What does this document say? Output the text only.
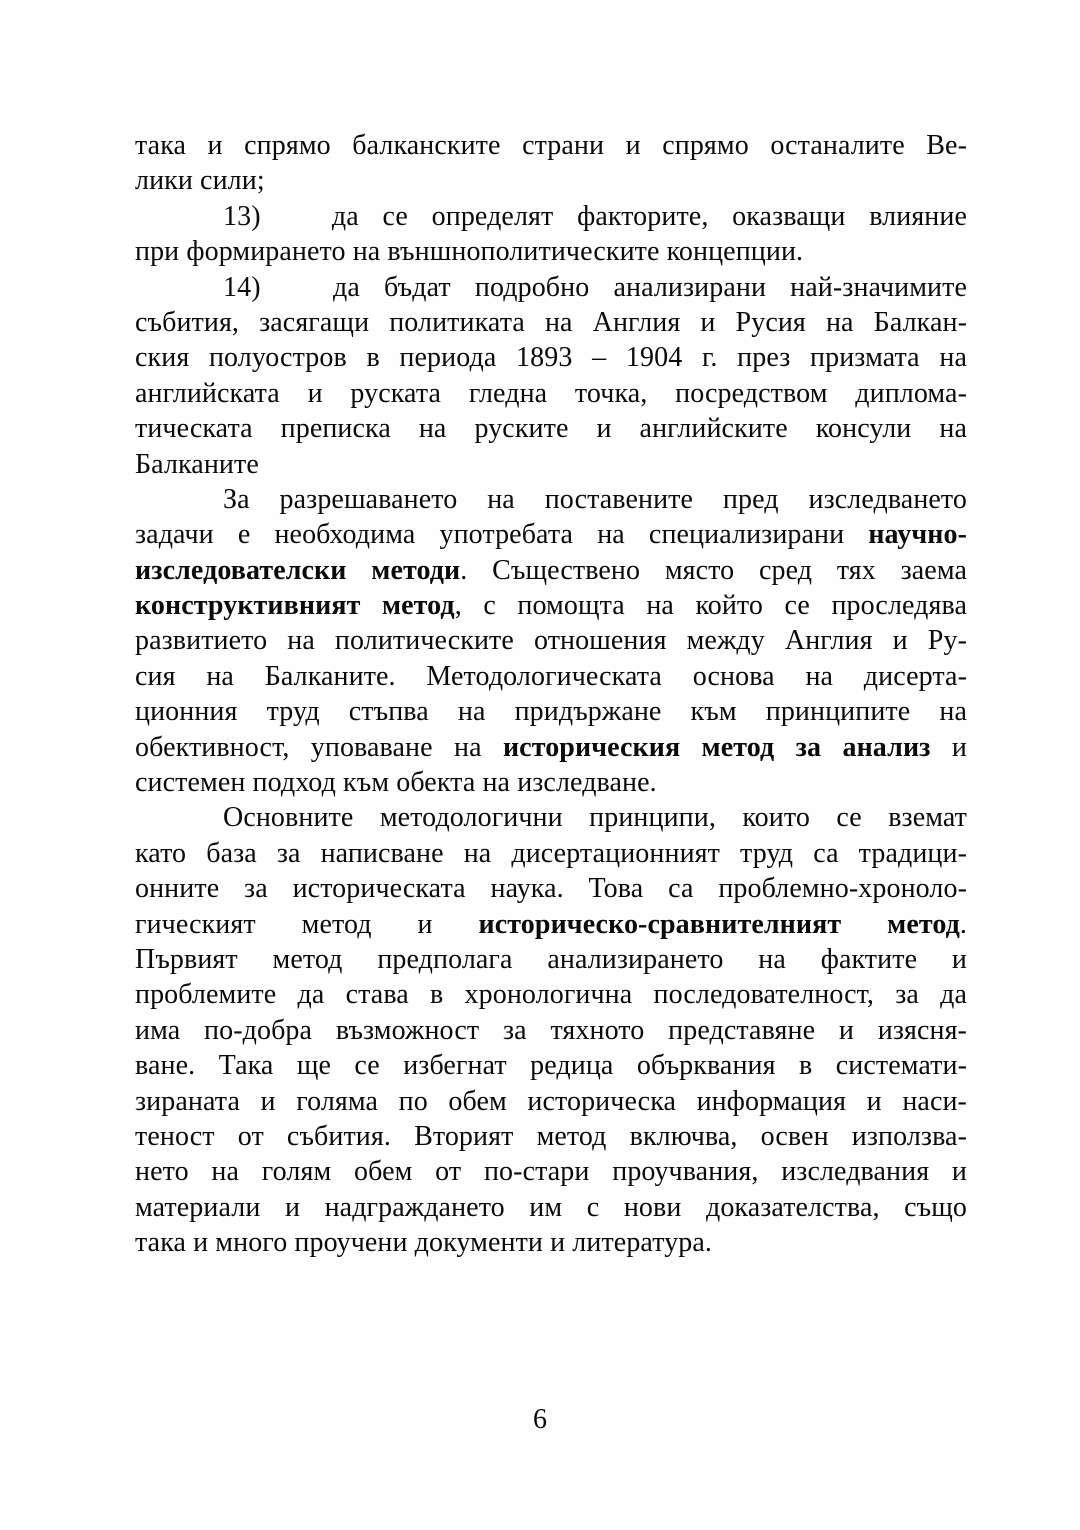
така и спрямо балканските страни и спрямо останалите Ве-
лики сили;
13)   да се определят факторите, оказващи влияние
при формирането на външнополитическите концепции.
14)   да бъдат подробно анализирани най-значимите
събития, засягащи политиката на Англия и Русия на Балкан-
ския полуостров в периода 1893 – 1904 г. през призмата на
английската и руската гледна точка, посредством диплома-
тическата преписка на руските и английските консули на
Балканите
За разрешаването на поставените пред изследването
задачи е необходима употребата на специализирани научно-
изследователски методи. Съществено място сред тях заема
конструктивният метод, с помощта на който се проследява
развитието на политическите отношения между Англия и Ру-
сия на Балканите. Методологическата основа на дисерта-
ционния труд стъпва на придържане към принципите на
обективност, уповаване на историческия метод за анализ и
системен подход към обекта на изследване.
Основните методологични принципи, които се вземат
като база за написване на дисертационният труд са традици-
онните за историческата наука. Това са проблемно-хроноло-
гическият метод и историческо-сравнителният метод.
Първият метод предполага анализирането на фактите и
проблемите да става в хронологична последователност, за да
има по-добра възможност за тяхното представяне и изясня-
ване. Така ще се избегнат редица обърквания в системати-
зираната и голяма по обем историческа информация и наси-
теност от събития. Вторият метод включва, освен използва-
нето на голям обем от по-стари проучвания, изследвания и
материали и надграждането им с нови доказателства, също
така и много проучени документи и литература.
6
